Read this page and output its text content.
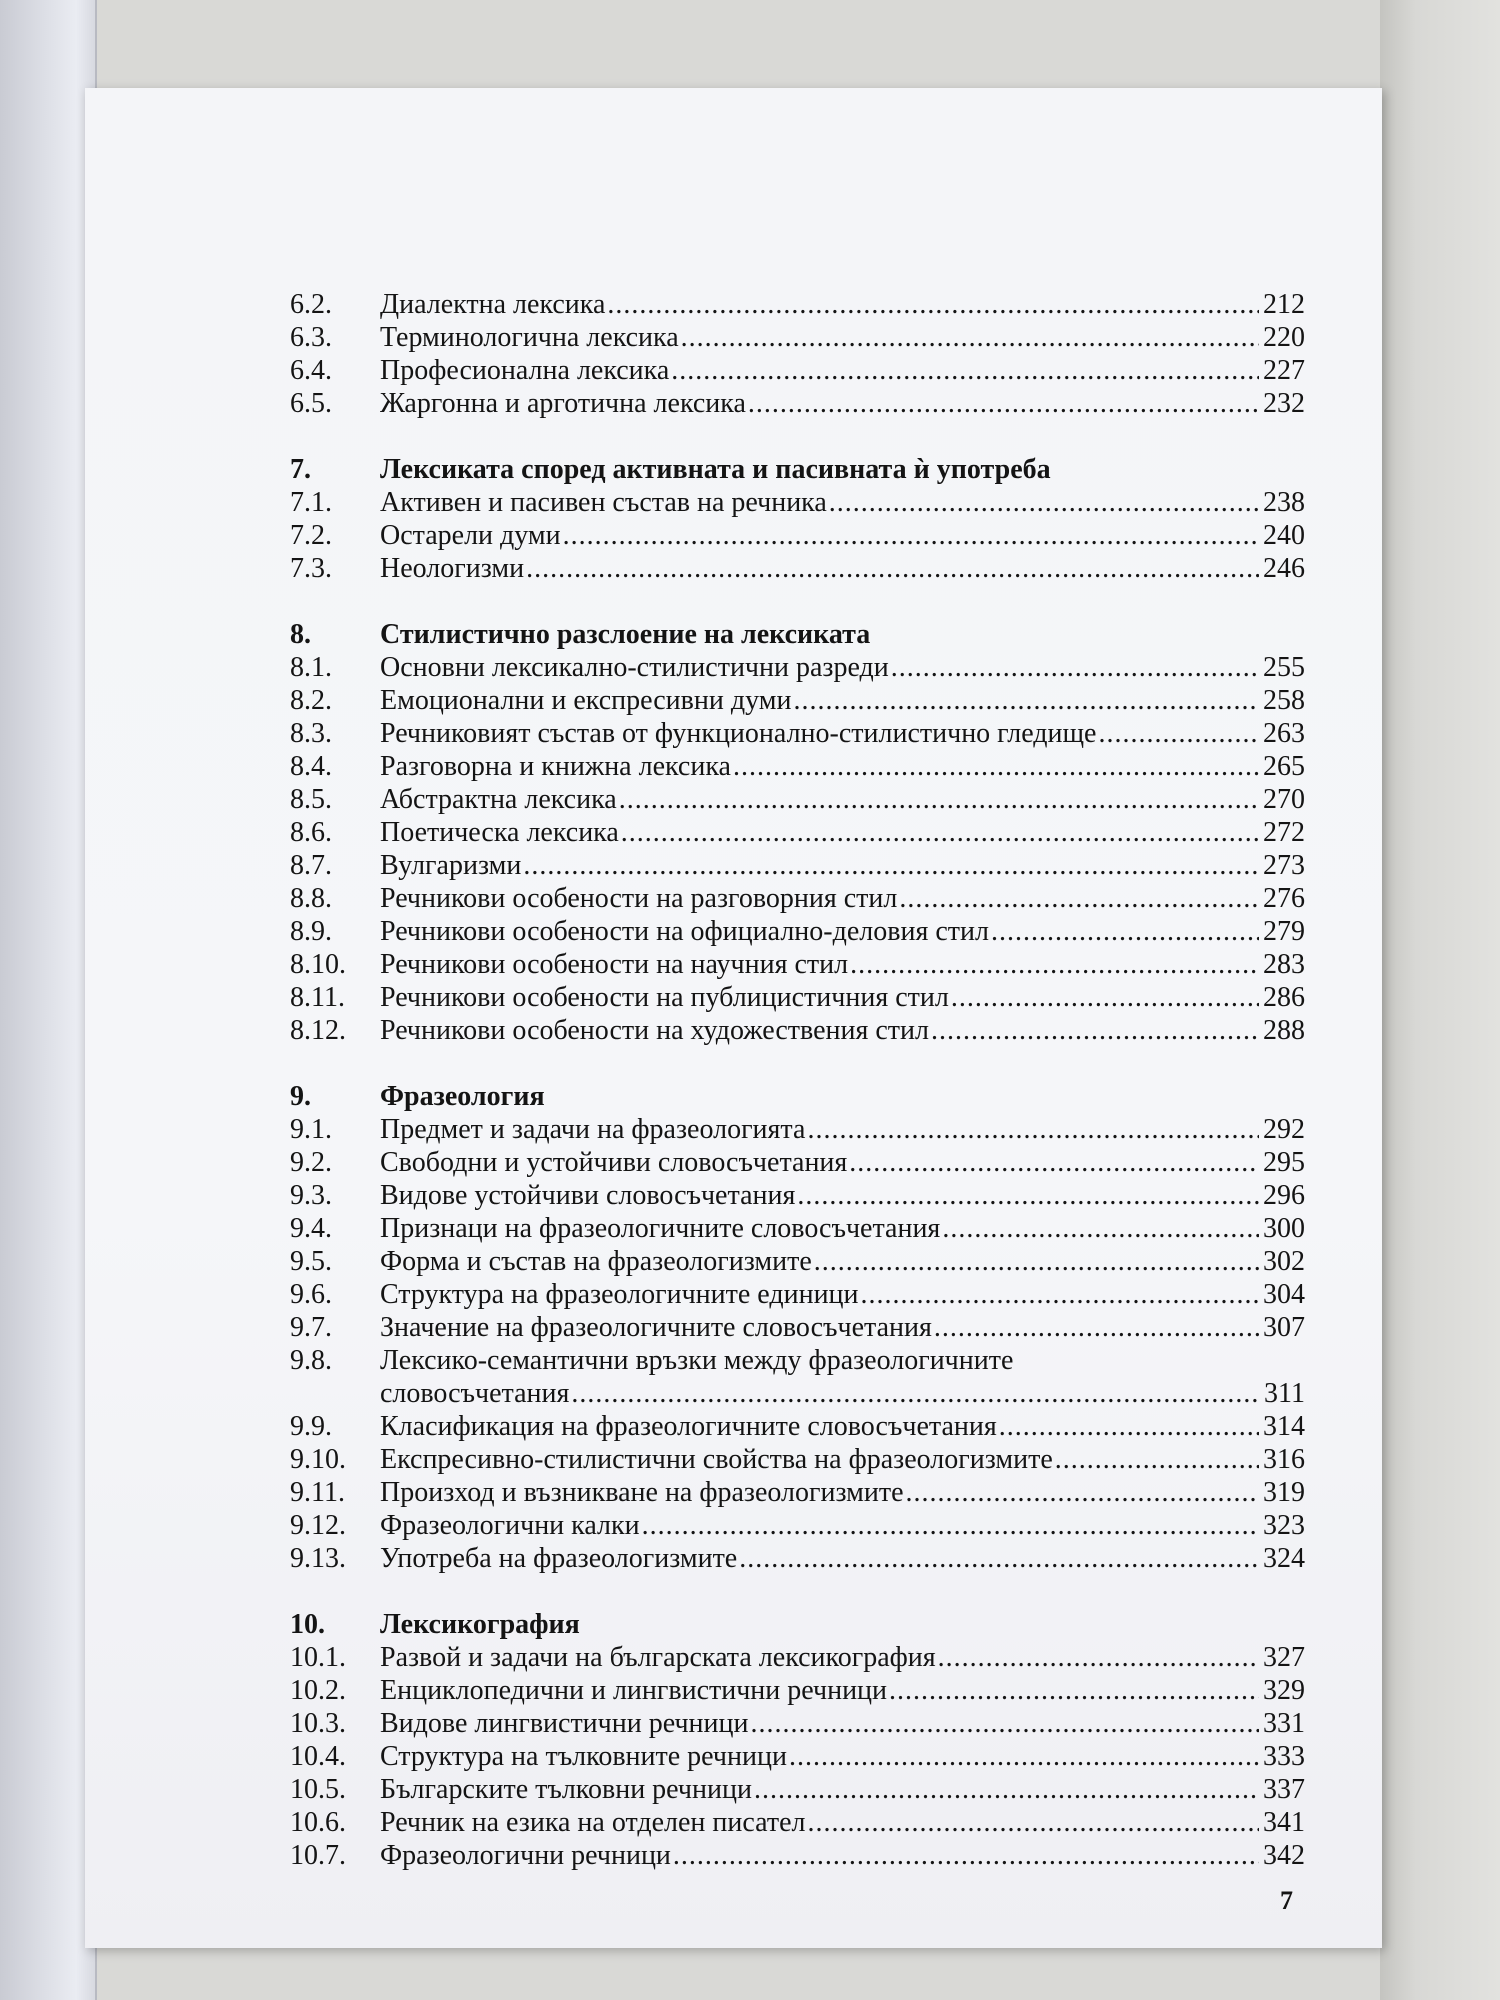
6.2.	Диалектна лексика .....	212
6.3.	Терминологична лексика .....	220
6.4.	Професионална лексика .....	227
6.5.	Жаргонна и арготична лексика .....	232
7.	Лексиката според активната и пасивната ѝ употреба
7.1.	Активен и пасивен състав на речника .....	238
7.2.	Остарели думи .....	240
7.3.	Неологизми .....	246
8.	Стилистично разслоение на лексиката
8.1.	Основни лексикално-стилистични разреди .....	255
8.2.	Емоционални и експресивни думи .....	258
8.3.	Речниковият състав от функционално-стилистично гледище .....	263
8.4.	Разговорна и книжна лексика .....	265
8.5.	Абстрактна лексика .....	270
8.6.	Поетическа лексика .....	272
8.7.	Вулгаризми .....	273
8.8.	Речникови особености на разговорния стил .....	276
8.9.	Речникови особености на официално-деловия стил .....	279
8.10.	Речникови особености на научния стил .....	283
8.11.	Речникови особености на публицистичния стил .....	286
8.12.	Речникови особености на художествения стил .....	288
9.	Фразеология
9.1.	Предмет и задачи на фразеологията .....	292
9.2.	Свободни и устойчиви словосъчетания .....	295
9.3.	Видове устойчиви словосъчетания .....	296
9.4.	Признаци на фразеологичните словосъчетания .....	300
9.5.	Форма и състав на фразеологизмите .....	302
9.6.	Структура на фразеологичните единици .....	304
9.7.	Значение на фразеологичните словосъчетания .....	307
9.8.	Лексико-семантични връзки между фразеологичните
словосъчетания .....	311
9.9.	Класификация на фразеологичните словосъчетания .....	314
9.10.	Експресивно-стилистични свойства на фразеологизмите .....	316
9.11.	Произход и възникване на фразеологизмите .....	319
9.12.	Фразеологични калки .....	323
9.13.	Употреба на фразеологизмите .....	324
10.	Лексикография
10.1.	Развой и задачи на българската лексикография .....	327
10.2.	Енциклопедични и лингвистични речници .....	329
10.3.	Видове лингвистични речници .....	331
10.4.	Структура на тълковните речници .....	333
10.5.	Българските тълковни речници .....	337
10.6.	Речник на езика на отделен писател .....	341
10.7.	Фразеологични речници .....	342
7
